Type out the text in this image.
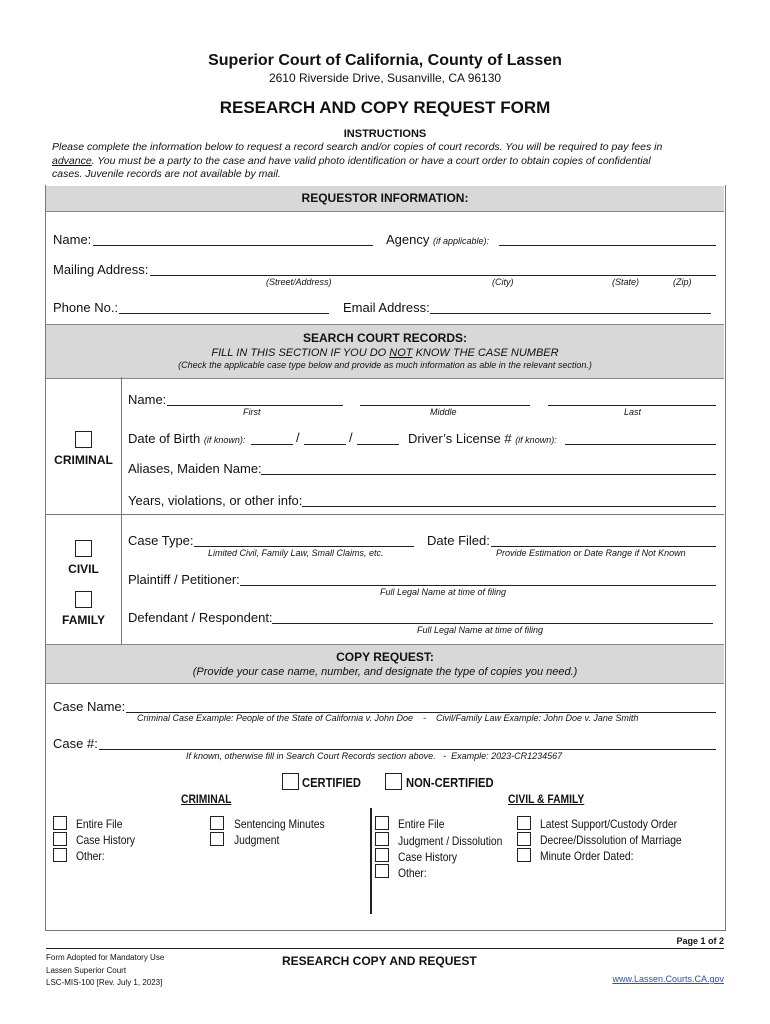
Superior Court of California, County of Lassen
2610 Riverside Drive, Susanville, CA 96130
RESEARCH AND COPY REQUEST FORM
INSTRUCTIONS
Please complete the information below to request a record search and/or copies of court records. You will be required to pay fees in
advance. You must be a party to the case and have valid photo identification or have a court order to obtain copies of confidential
cases. Juvenile records are not available by mail.
REQUESTOR INFORMATION:
Name:	Agency (if applicable):
Mailing Address:
(Street/Address)	(City)	(State)	(Zip)
Phone No.:	Email Address:
SEARCH COURT RECORDS:
FILL IN THIS SECTION IF YOU DO NOT KNOW THE CASE NUMBER
(Check the applicable case type below and provide as much information as able in the relevant section.)
CRIMINAL
Name:
First	Middle	Last
Date of Birth (if known):	/	/	Driver’s License # (if known):
Aliases, Maiden Name:
Years, violations, or other info:
CIVIL
FAMILY
Case Type:
Limited Civil, Family Law, Small Claims, etc.
Date Filed:
Provide Estimation or Date Range if Not Known
Plaintiff / Petitioner:
Full Legal Name at time of filing
Defendant / Respondent:
Full Legal Name at time of filing
COPY REQUEST:
(Provide your case name, number, and designate the type of copies you need.)
Case Name:
Criminal Case Example: People of the State of California v. John Doe    -    Civil/Family Law Example: John Doe v. Jane Smith
Case #:
If known, otherwise fill in Search Court Records section above.   -  Example: 2023-CR1234567
CERTIFIED	NON-CERTIFIED
CRIMINAL	CIVIL & FAMILY
Entire File
Case History
Other:
Sentencing Minutes
Judgment
Entire File
Judgment / Dissolution
Case History
Other:
Latest Support/Custody Order
Decree/Dissolution of Marriage
Minute Order Dated:
Page 1 of 2
Form Adopted for Mandatory Use
Lassen Superior Court
LSC-MIS-100 [Rev. July 1, 2023]
RESEARCH COPY AND REQUEST
www.Lassen.Courts.CA.gov
